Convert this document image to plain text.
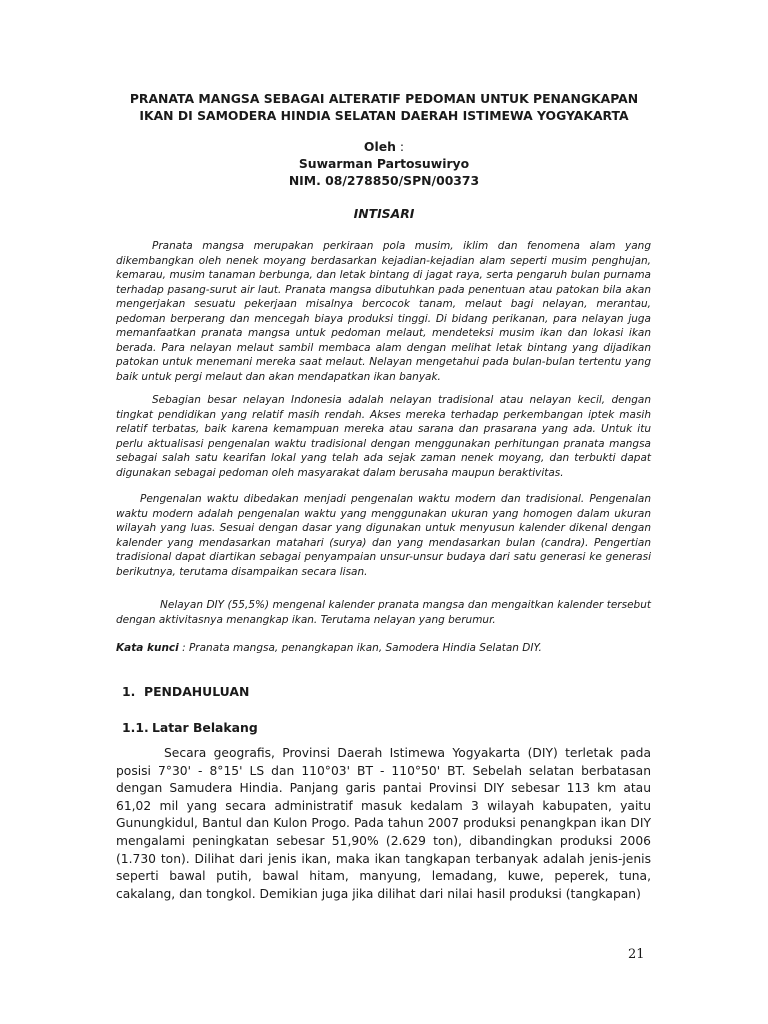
PRANATA MANGSA SEBAGAI ALTERATIF PEDOMAN UNTUK PENANGKAPAN
IKAN DI SAMODERA HINDIA SELATAN DAERAH ISTIMEWA YOGYAKARTA
Oleh :
Suwarman Partosuwiryo
NIM. 08/278850/SPN/00373
INTISARI

Pranata mangsa merupakan perkiraan pola musim, iklim dan fenomena alam yang dikembangkan oleh nenek moyang berdasarkan kejadian-kejadian alam seperti musim penghujan, kemarau, musim tanaman berbunga, dan letak bintang di jagat raya, serta pengaruh bulan purnama terhadap pasang-surut air laut. Pranata mangsa dibutuhkan pada penentuan atau patokan bila akan mengerjakan sesuatu pekerjaan misalnya bercocok tanam, melaut bagi nelayan, merantau, pedoman berperang dan mencegah biaya produksi tinggi. Di bidang perikanan, para nelayan juga memanfaatkan pranata mangsa untuk pedoman melaut, mendeteksi musim ikan dan lokasi ikan berada. Para nelayan melaut sambil membaca alam dengan melihat letak bintang yang dijadikan patokan untuk menemani mereka saat melaut. Nelayan mengetahui pada bulan-bulan tertentu yang baik untuk pergi melaut dan akan mendapatkan ikan banyak.

Sebagian besar nelayan Indonesia adalah nelayan tradisional atau nelayan kecil, dengan tingkat pendidikan yang relatif masih rendah. Akses mereka terhadap perkembangan iptek masih relatif terbatas, baik karena kemampuan mereka atau sarana dan prasarana yang ada. Untuk itu perlu aktualisasi pengenalan waktu tradisional dengan menggunakan perhitungan pranata mangsa sebagai salah satu kearifan lokal yang telah ada sejak zaman nenek moyang, dan terbukti dapat digunakan sebagai pedoman oleh masyarakat dalam berusaha maupun beraktivitas.

Pengenalan waktu dibedakan menjadi pengenalan waktu modern dan tradisional. Pengenalan waktu modern adalah pengenalan waktu yang menggunakan ukuran yang homogen dalam ukuran wilayah yang luas. Sesuai dengan dasar yang digunakan untuk menyusun kalender dikenal dengan kalender yang mendasarkan matahari (surya) dan yang mendasarkan bulan (candra). Pengertian tradisional dapat diartikan sebagai penyampaian unsur-unsur budaya dari satu generasi ke generasi berikutnya, terutama disampaikan secara lisan.

Nelayan DIY (55,5%) mengenal kalender pranata mangsa dan mengaitkan kalender tersebut dengan aktivitasnya menangkap ikan. Terutama nelayan yang berumur.

Kata kunci : Pranata mangsa, penangkapan ikan, Samodera Hindia Selatan DIY.
1. PENDAHULUAN
1.1. Latar Belakang

Secara geografis, Provinsi Daerah Istimewa Yogyakarta (DIY) terletak pada posisi 7°30' - 8°15' LS dan 110°03' BT - 110°50' BT. Sebelah selatan berbatasan dengan Samudera Hindia. Panjang garis pantai Provinsi DIY sebesar 113 km atau 61,02 mil yang secara administratif masuk kedalam 3 wilayah kabupaten, yaitu Gunungkidul, Bantul dan Kulon Progo. Pada tahun 2007 produksi penangkpan ikan DIY mengalami peningkatan sebesar 51,90% (2.629 ton), dibandingkan produksi 2006 (1.730 ton). Dilihat dari jenis ikan, maka ikan tangkapan terbanyak adalah jenis-jenis seperti bawal putih, bawal hitam, manyung, lemadang, kuwe, peperek, tuna, cakalang, dan tongkol. Demikian juga jika dilihat dari nilai hasil produksi (tangkapan)

21
